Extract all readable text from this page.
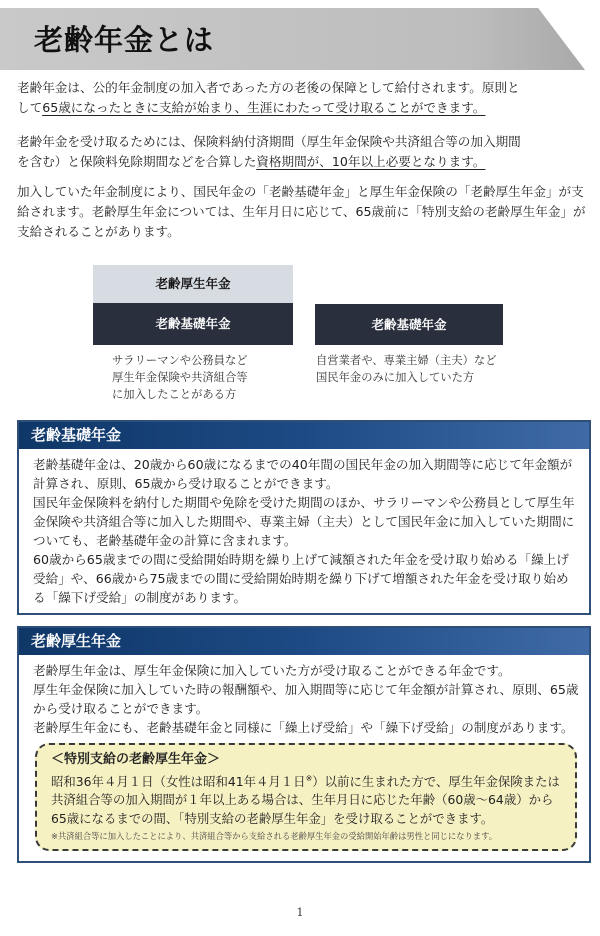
老齢年金とは
老齢年金は、公的年金制度の加入者であった方の老後の保障として給付されます。原則と
して65歳になったときに支給が始まり、生涯にわたって受け取ることができます。
老齢年金を受け取るためには、保険料納付済期間（厚生年金保険や共済組合等の加入期間
を含む）と保険料免除期間などを合算した資格期間が、10年以上必要となります。
加入していた年金制度により、国民年金の「老齢基礎年金」と厚生年金保険の「老齢厚生年金」が支給されます。老齢厚生年金については、生年月日に応じて、65歳前に「特別支給の老齢厚生年金」が支給されることがあります。
老齢厚生年金
老齢基礎年金	老齢基礎年金
サラリーマンや公務員など
厚生年金保険や共済組合等
に加入したことがある方
自営業者や、専業主婦（主夫）など
国民年金のみに加入していた方
老齢基礎年金
老齢基礎年金は、20歳から60歳になるまでの40年間の国民年金の加入期間等に応じて年金額が計算され、原則、65歳から受け取ることができます。
国民年金保険料を納付した期間や免除を受けた期間のほか、サラリーマンや公務員として厚生年金保険や共済組合等に加入した期間や、専業主婦（主夫）として国民年金に加入していた期間についても、老齢基礎年金の計算に含まれます。
60歳から65歳までの間に受給開始時期を繰り上げて減額された年金を受け取り始める「繰上げ受給」や、66歳から75歳までの間に受給開始時期を繰り下げて増額された年金を受け取り始める「繰下げ受給」の制度があります。
老齢厚生年金
老齢厚生年金は、厚生年金保険に加入していた方が受け取ることができる年金です。
厚生年金保険に加入していた時の報酬額や、加入期間等に応じて年金額が計算され、原則、65歳から受け取ることができます。
老齢厚生年金にも、老齢基礎年金と同様に「繰上げ受給」や「繰下げ受給」の制度があります。
＜特別支給の老齢厚生年金＞
昭和36年４月１日（女性は昭和41年４月１日※）以前に生まれた方で、厚生年金保険または共済組合等の加入期間が１年以上ある場合は、生年月日に応じた年齢（60歳〜64歳）から65歳になるまでの間、「特別支給の老齢厚生年金」を受け取ることができます。
※共済組合等に加入したことにより、共済組合等から支給される老齢厚生年金の受給開始年齢は男性と同じになります。
1
